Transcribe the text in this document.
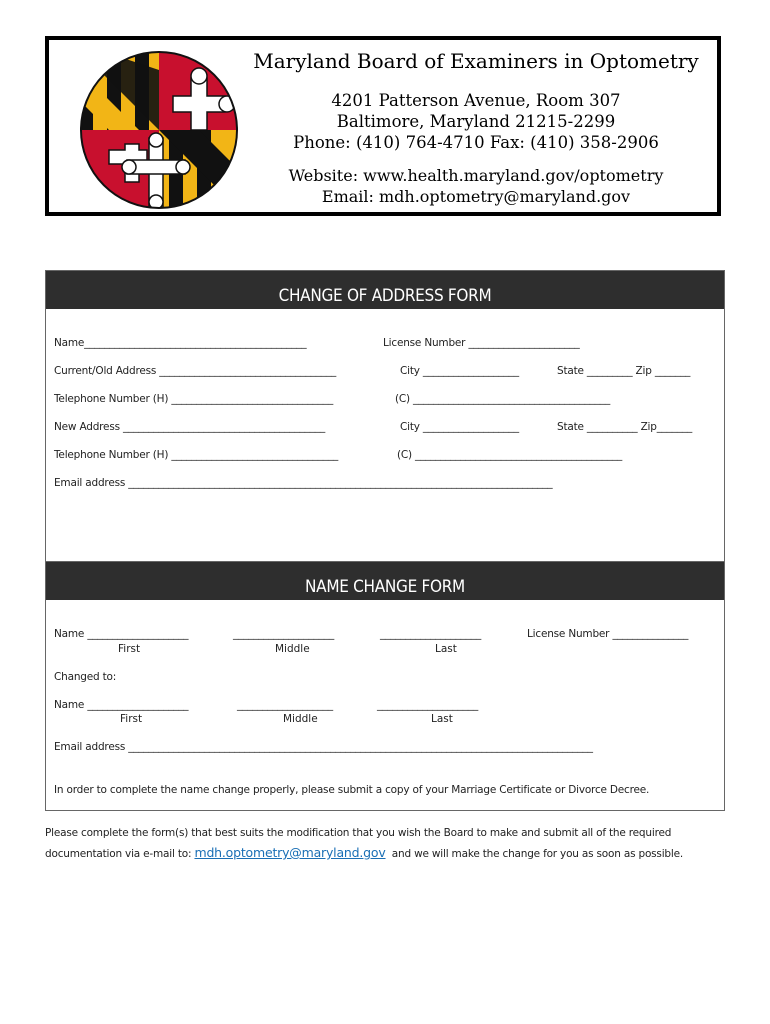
Maryland Board of Examiners in Optometry
4201 Patterson Avenue, Room 307
Baltimore, Maryland 21215-2299
Phone: (410) 764-4710 Fax: (410) 358-2906
Website: www.health.maryland.gov/optometry
Email: mdh.optometry@maryland.gov
CHANGE OF ADDRESS FORM
Name____________________________________________	License Number ______________________
Current/Old Address ___________________________________	City ___________________	State _________ Zip _______
Telephone Number (H) ________________________________	(C) _______________________________________
New Address ________________________________________	City ___________________	State __________ Zip_______
Telephone Number (H) _________________________________	(C) _________________________________________
Email address ____________________________________________________________________________________
NAME CHANGE FORM
Name ____________________	____________________	____________________	License Number _______________
First	Middle	Last
Changed to:
Name ____________________	___________________	____________________
First	Middle	Last
Email address ____________________________________________________________________________________________
In order to complete the name change properly, please submit a copy of your Marriage Certificate or Divorce Decree.
Please complete the form(s) that best suits the modification that you wish the Board to make and submit all of the required
documentation via e-mail to: mdh.optometry@maryland.gov  and we will make the change for you as soon as possible.
